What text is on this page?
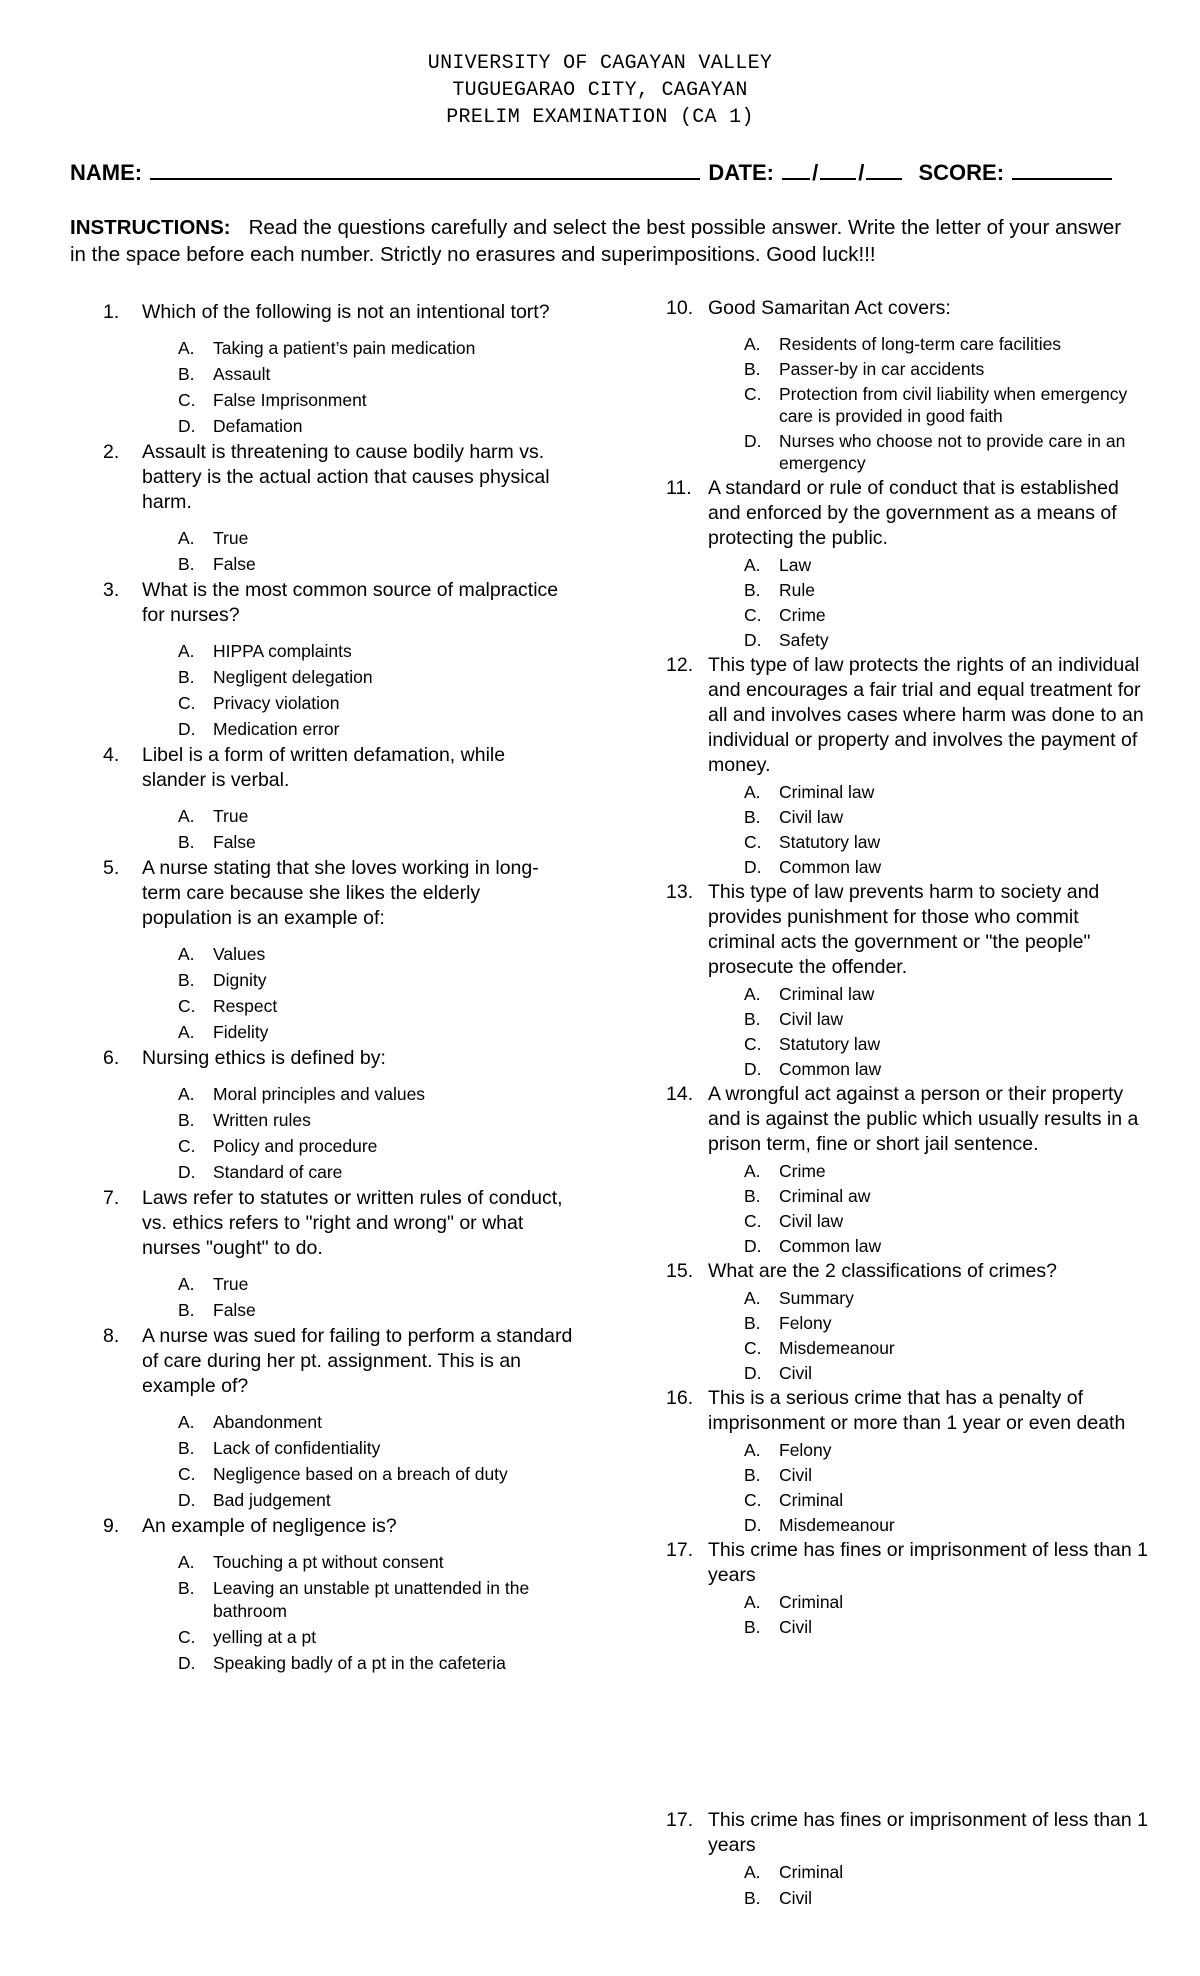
UNIVERSITY OF CAGAYAN VALLEY
TUGUEGARAO CITY, CAGAYAN
PRELIM EXAMINATION (CA 1)
NAME:	DATE: / / SCORE:
INSTRUCTIONS: Read the questions carefully and select the best possible answer. Write the letter of your answer in the space before each number. Strictly no erasures and superimpositions. Good luck!!!
1. Which of the following is not an intentional tort?
A. Taking a patient’s pain medication
B. Assault
C. False Imprisonment
D. Defamation
2. Assault is threatening to cause bodily harm vs. battery is the actual action that causes physical harm.
A. True
B. False
3. What is the most common source of malpractice for nurses?
A. HIPPA complaints
B. Negligent delegation
C. Privacy violation
D. Medication error
4. Libel is a form of written defamation, while slander is verbal.
A. True
B. False
5. A nurse stating that she loves working in long-term care because she likes the elderly population is an example of:
A. Values
B. Dignity
C. Respect
A. Fidelity
6. Nursing ethics is defined by:
A. Moral principles and values
B. Written rules
C. Policy and procedure
D. Standard of care
7. Laws refer to statutes or written rules of conduct, vs. ethics refers to "right and wrong" or what nurses "ought" to do.
A. True
B. False
8. A nurse was sued for failing to perform a standard of care during her pt. assignment. This is an example of?
A. Abandonment
B. Lack of confidentiality
C. Negligence based on a breach of duty
D. Bad judgement
9. An example of negligence is?
A. Touching a pt without consent
B. Leaving an unstable pt unattended in the bathroom
C. yelling at a pt
D. Speaking badly of a pt in the cafeteria
10. Good Samaritan Act covers:
A. Residents of long-term care facilities
B. Passer-by in car accidents
C. Protection from civil liability when emergency care is provided in good faith
D. Nurses who choose not to provide care in an emergency
11. A standard or rule of conduct that is established and enforced by the government as a means of protecting the public.
A. Law
B. Rule
C. Crime
D. Safety
12. This type of law protects the rights of an individual and encourages a fair trial and equal treatment for all and involves cases where harm was done to an individual or property and involves the payment of money.
A. Criminal law
B. Civil law
C. Statutory law
D. Common law
13. This type of law prevents harm to society and provides punishment for those who commit criminal acts the government or "the people" prosecute the offender.
A. Criminal law
B. Civil law
C. Statutory law
D. Common law
14. A wrongful act against a person or their property and is against the public which usually results in a prison term, fine or short jail sentence.
A. Crime
B. Criminal aw
C. Civil law
D. Common law
15. What are the 2 classifications of crimes?
A. Summary
B. Felony
C. Misdemeanour
D. Civil
16. This is a serious crime that has a penalty of imprisonment or more than 1 year or even death
A. Felony
B. Civil
C. Criminal
D. Misdemeanour
17. This crime has fines or imprisonment of less than 1 years
A. Criminal
B. Civil
17. This crime has fines or imprisonment of less than 1 years
A. Criminal
B. Civil
